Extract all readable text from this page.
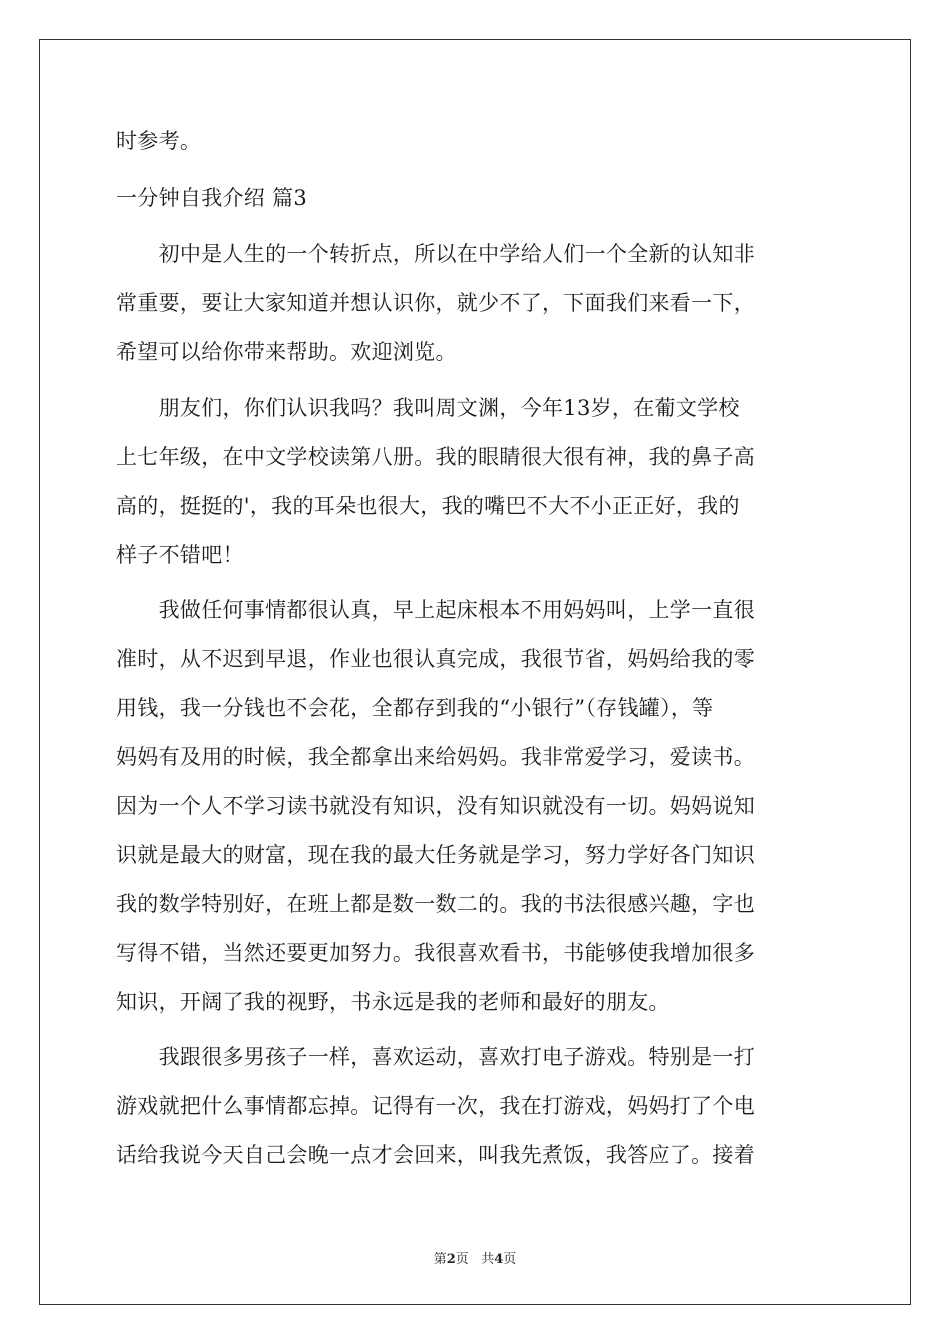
时参考。
一分钟自我介绍 篇3
　　初中是人生的一个转折点，所以在中学给人们一个全新的认知非
常重要，要让大家知道并想认识你，就少不了，下面我们来看一下，
希望可以给你带来帮助。欢迎浏览。
　　朋友们，你们认识我吗？我叫周文渊，今年13岁，在葡文学校
上七年级，在中文学校读第八册。我的眼睛很大很有神，我的鼻子高
高的，挺挺的'，我的耳朵也很大，我的嘴巴不大不小正正好，我的
样子不错吧！
　　我做任何事情都很认真，早上起床根本不用妈妈叫，上学一直很
准时，从不迟到早退，作业也很认真完成，我很节省，妈妈给我的零
用钱，我一分钱也不会花，全都存到我的“小银行”（存钱罐），等
妈妈有及用的时候，我全都拿出来给妈妈。我非常爱学习，爱读书。
因为一个人不学习读书就没有知识，没有知识就没有一切。妈妈说知
识就是最大的财富，现在我的最大任务就是学习，努力学好各门知识
我的数学特别好，在班上都是数一数二的。我的书法很感兴趣，字也
写得不错，当然还要更加努力。我很喜欢看书，书能够使我增加很多
知识，开阔了我的视野，书永远是我的老师和最好的朋友。
　　我跟很多男孩子一样，喜欢运动，喜欢打电子游戏。特别是一打
游戏就把什么事情都忘掉。记得有一次，我在打游戏，妈妈打了个电
话给我说今天自己会晚一点才会回来，叫我先煮饭，我答应了。接着
第2页 共4页
